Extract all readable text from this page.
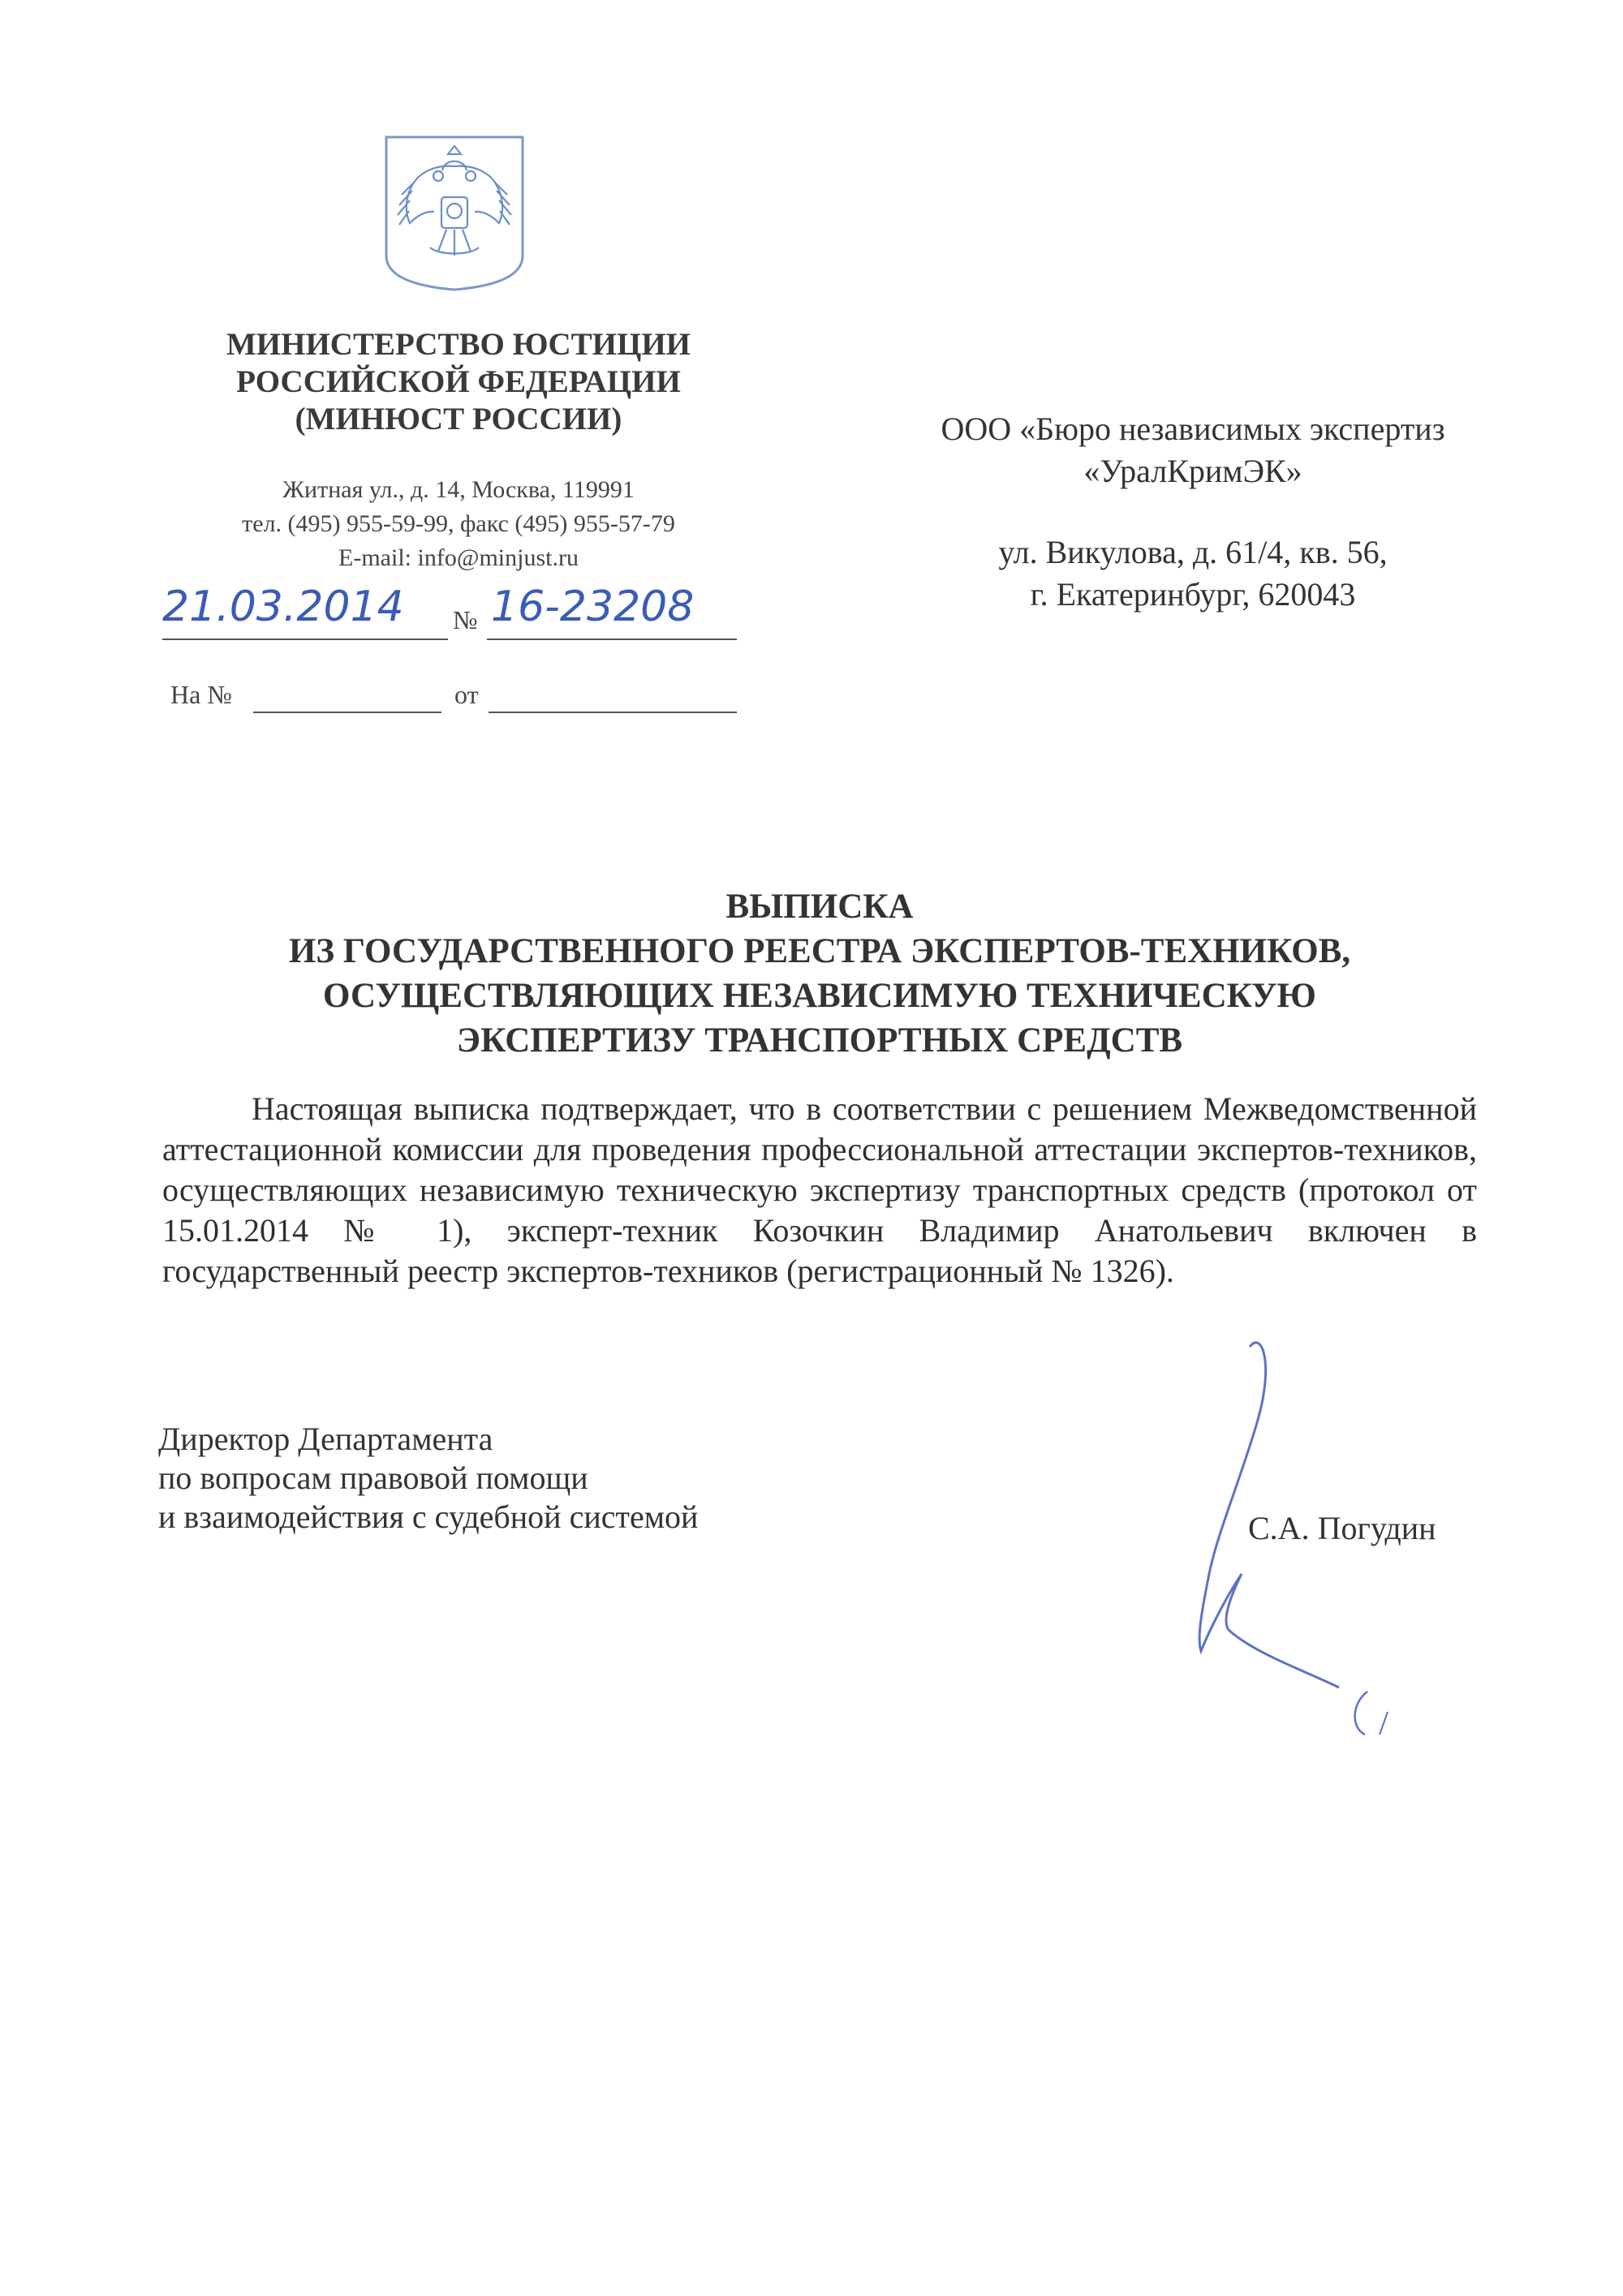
МИНИСТЕРСТВО ЮСТИЦИИ
РОССИЙСКОЙ ФЕДЕРАЦИИ
(МИНЮСТ РОССИИ)
Житная ул., д. 14, Москва, 119991
тел. (495) 955-59-99, факс (495) 955-57-79
E-mail: info@minjust.ru
21.03.2014 № 16-23208
На №	от
ООО «Бюро независимых экспертиз
«УралКримЭК»
ул. Викулова, д. 61/4, кв. 56,
г. Екатеринбург, 620043
ВЫПИСКА
ИЗ ГОСУДАРСТВЕННОГО РЕЕСТРА ЭКСПЕРТОВ-ТЕХНИКОВ,
ОСУЩЕСТВЛЯЮЩИХ НЕЗАВИСИМУЮ ТЕХНИЧЕСКУЮ
ЭКСПЕРТИЗУ ТРАНСПОРТНЫХ СРЕДСТВ
Настоящая выписка подтверждает, что в соответствии с решением Межведомственной аттестационной комиссии для проведения профессиональной аттестации экспертов-техников, осуществляющих независимую техническую экспертизу транспортных средств (протокол от 15.01.2014 № 1), эксперт-техник Козочкин Владимир Анатольевич включен в государственный реестр экспертов-техников (регистрационный № 1326).
Директор Департамента
по вопросам правовой помощи
и взаимодействия с судебной системой	С.А. Погудин
